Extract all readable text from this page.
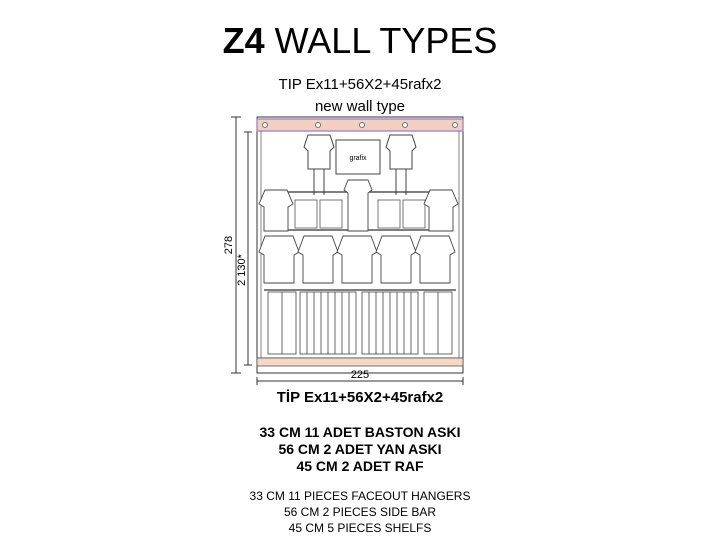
Z4 WALL TYPES
TIP Ex11+56X2+45rafx2
new wall type
278
2 130*
grafix
225
TİP Ex11+56X2+45rafx2
33 CM 11 ADET BASTON ASKI
56 CM 2 ADET YAN ASKI
45 CM 2 ADET RAF
33 CM 11 PIECES FACEOUT HANGERS
56 CM 2 PIECES SIDE BAR
45 CM 5 PIECES SHELFS
